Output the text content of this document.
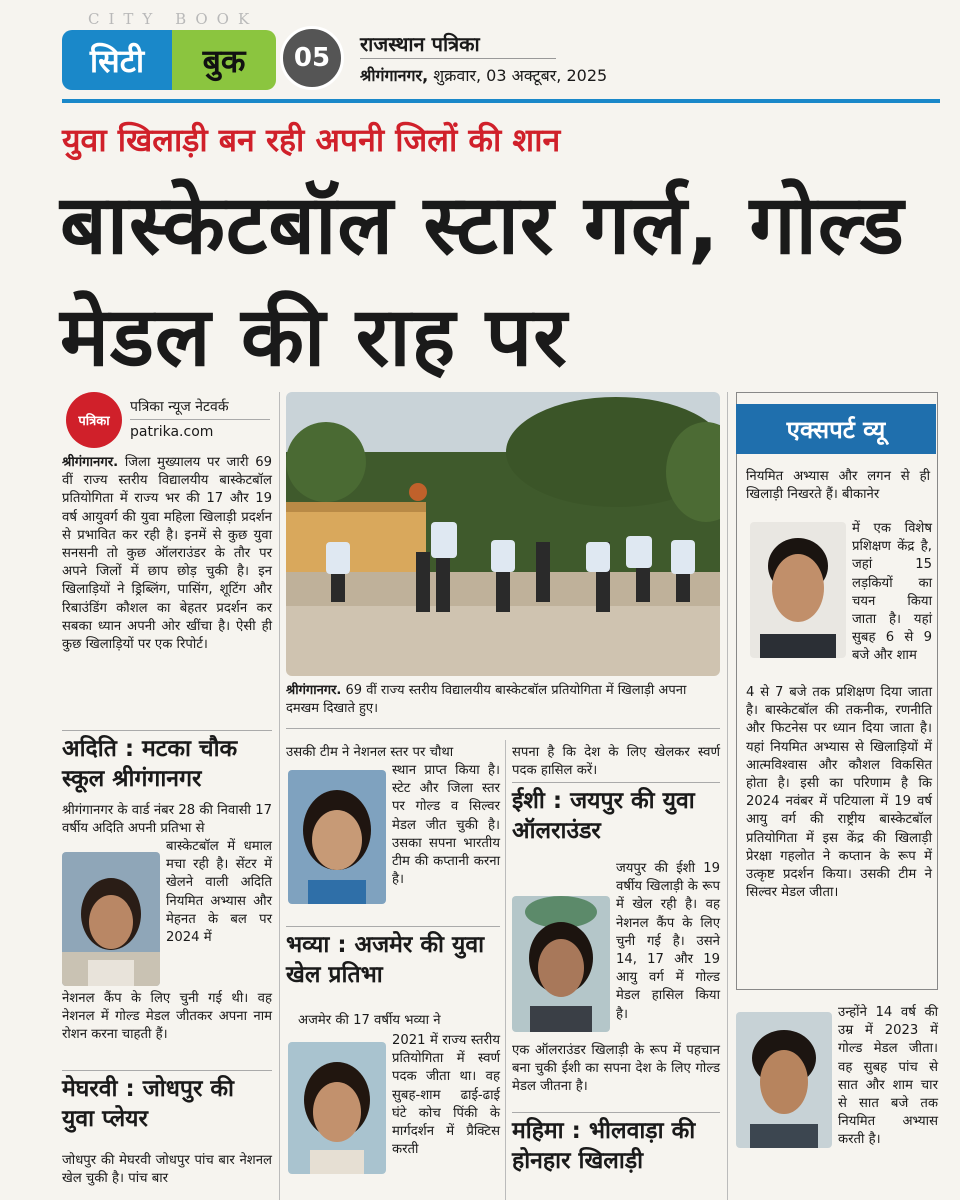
CITY BOOK
सिटी	बुक	05	राजस्थान पत्रिका
श्रीगंगानगर, शुक्रवार, 03 अक्टूबर, 2025
युवा खिलाड़ी बन रही अपनी जिलों की शान
बास्केटबॉल स्टार गर्ल, गोल्ड मेडल की राह पर
पत्रिका
पत्रिका न्यूज नेटवर्क
patrika.com
श्रीगंगानगर. जिला मुख्यालय पर जारी 69 वीं राज्य स्तरीय विद्यालयीय बास्केटबॉल प्रतियोगिता में राज्य भर की 17 और 19 वर्ष आयुवर्ग की युवा महिला खिलाड़ी प्रदर्शन से प्रभावित कर रही है। इनमें से कुछ युवा सनसनी तो कुछ ऑलराउंडर के तौर पर अपने जिलों में छाप छोड़ चुकी है। इन खिलाड़ियों ने ड्रिब्लिंग, पासिंग, शूटिंग और रिबाउंडिंग कौशल का बेहतर प्रदर्शन कर सबका ध्यान अपनी ओर खींचा है। ऐसी ही कुछ खिलाड़ियों पर एक रिपोर्ट।
अदिति : मटका चौक स्कूल श्रीगंगानगर
श्रीगंगानगर के वार्ड नंबर 28 की निवासी 17 वर्षीय अदिति अपनी प्रतिभा से
बास्केटबॉल में धमाल मचा रही है। सेंटर में खेलने वाली अदिति नियमित अभ्यास और मेहनत के बल पर 2024 में
नेशनल कैंप के लिए चुनी गई थी। वह नेशनल में गोल्ड मेडल जीतकर अपना नाम रोशन करना चाहती हैं।
मेघरवी : जोधपुर की युवा प्लेयर
जोधपुर की मेघरवी जोधपुर पांच बार नेशनल खेल चुकी है। पांच बार
श्रीगंगानगर. 69 वीं राज्य स्तरीय विद्यालयीय बास्केटबॉल प्रतियोगिता में खिलाड़ी अपना दमखम दिखाते हुए।
उसकी टीम ने नेशनल स्तर पर चौथा
स्थान प्राप्त किया है। स्टेट और जिला स्तर पर गोल्ड व सिल्वर मेडल जीत चुकी है। उसका सपना भारतीय टीम की कप्तानी करना है।
भव्या : अजमेर की युवा खेल प्रतिभा
अजमेर की 17 वर्षीय भव्या ने
2021 में राज्य स्तरीय प्रतियोगिता में स्वर्ण पदक जीता था। वह सुबह-शाम ढाई-ढाई घंटे कोच पिंकी के मार्गदर्शन में प्रैक्टिस करती
सपना है कि देश के लिए खेलकर स्वर्ण पदक हासिल करें।
ईशी : जयपुर की युवा ऑलराउंडर
जयपुर की ईशी 19 वर्षीय खिलाड़ी के रूप में खेल रही है। वह नेशनल कैंप के लिए चुनी गई है। उसने 14, 17 और 19 आयु वर्ग में गोल्ड मेडल हासिल किया है।
एक ऑलराउंडर खिलाड़ी के रूप में पहचान बना चुकी ईशी का सपना देश के लिए गोल्ड मेडल जीतना है।
महिमा : भीलवाड़ा की होनहार खिलाड़ी
एक्सपर्ट व्यू
नियमित अभ्यास और लगन से ही खिलाड़ी निखरते हैं। बीकानेर
में एक विशेष प्रशिक्षण केंद्र है, जहां 15 लड़कियों का चयन किया जाता है। यहां सुबह 6 से 9 बजे और शाम
4 से 7 बजे तक प्रशिक्षण दिया जाता है। बास्केटबॉल की तकनीक, रणनीति और फिटनेस पर ध्यान दिया जाता है। यहां नियमित अभ्यास से खिलाड़ियों में आत्मविश्वास और कौशल विकसित होता है। इसी का परिणाम है कि 2024 नवंबर में पटियाला में 19 वर्ष आयु वर्ग की राष्ट्रीय बास्केटबॉल प्रतियोगिता में इस केंद्र की खिलाड़ी प्रेरक्षा गहलोत ने कप्तान के रूप में उत्कृष्ट प्रदर्शन किया। उसकी टीम ने सिल्वर मेडल जीता।
उन्होंने 14 वर्ष की उम्र में 2023 में गोल्ड मेडल जीता। वह सुबह पांच से सात और शाम चार से सात बजे तक नियमित अभ्यास करती है।
